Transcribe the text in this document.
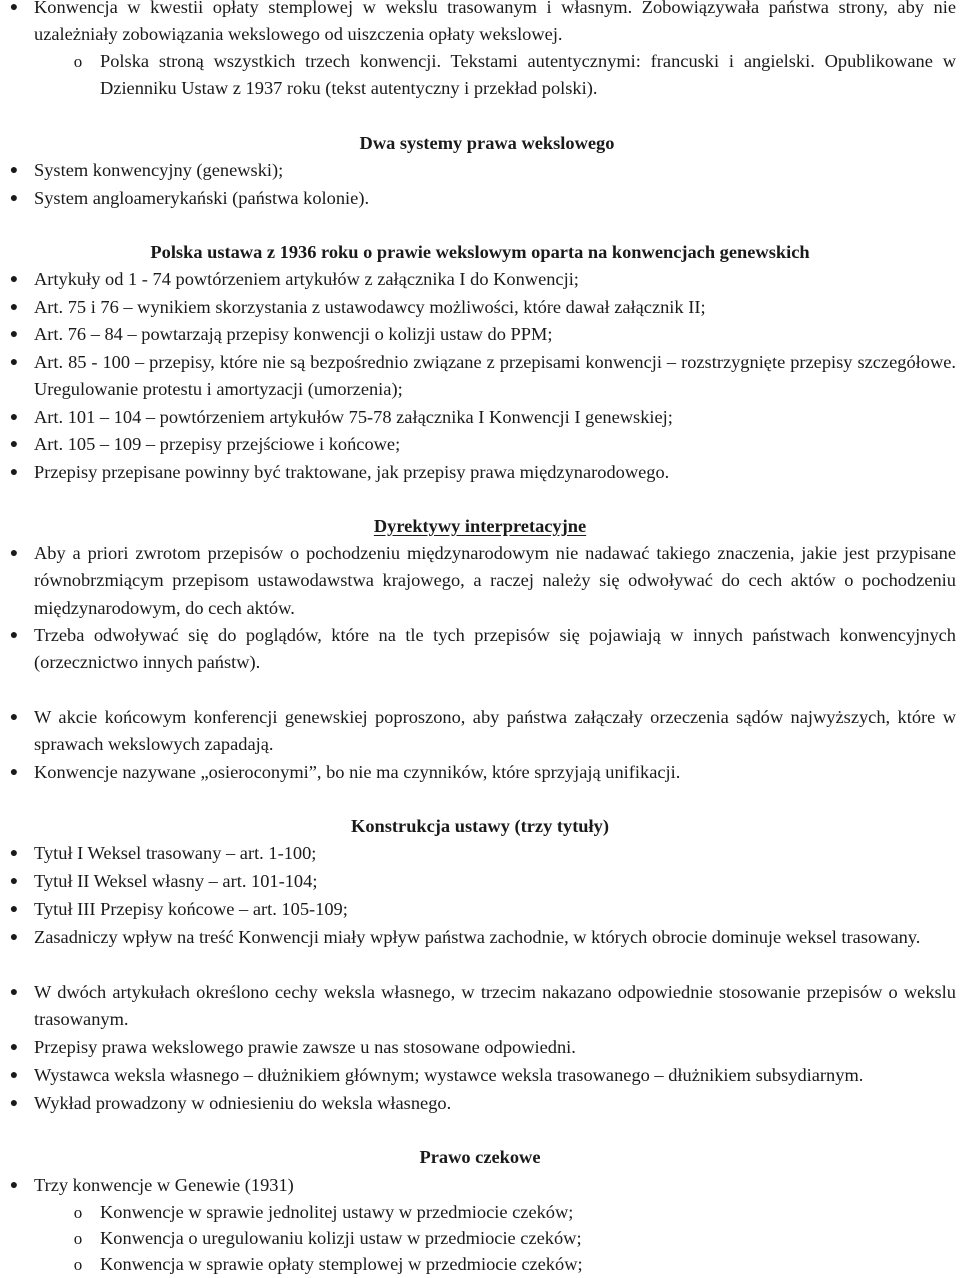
● Konwencja w kwestii opłaty stemplowej w wekslu trasowanym i własnym. Zobowiązywała państwa strony, aby nie uzależniały zobowiązania wekslowego od uiszczenia opłaty wekslowej.
o Polska stroną wszystkich trzech konwencji. Tekstami autentycznymi: francuski i angielski. Opublikowane w Dzienniku Ustaw z 1937 roku (tekst autentyczny i przekład polski).
Dwa systemy prawa wekslowego
● System konwencyjny (genewski);
● System angloamerykański (państwa kolonie).
Polska ustawa z 1936 roku o prawie wekslowym oparta na konwencjach genewskich
● Artykuły od 1 - 74 powtórzeniem artykułów z załącznika I do Konwencji;
● Art. 75 i 76 – wynikiem skorzystania z ustawodawcy możliwości, które dawał załącznik II;
● Art. 76 – 84 – powtarzają przepisy konwencji o kolizji ustaw do PPM;
● Art. 85 - 100 – przepisy, które nie są bezpośrednio związane z przepisami konwencji – rozstrzygnięte przepisy szczegółowe. Uregulowanie protestu i amortyzacji (umorzenia);
● Art. 101 – 104 – powtórzeniem artykułów 75-78 załącznika I Konwencji I genewskiej;
● Art. 105 – 109 – przepisy przejściowe i końcowe;
● Przepisy przepisane powinny być traktowane, jak przepisy prawa międzynarodowego.
Dyrektywy interpretacyjne
● Aby a priori zwrotom przepisów o pochodzeniu międzynarodowym nie nadawać takiego znaczenia, jakie jest przypisane równobrzmiącym przepisom ustawodawstwa krajowego, a raczej należy się odwoływać do cech aktów o pochodzeniu międzynarodowym, do cech aktów.
● Trzeba odwoływać się do poglądów, które na tle tych przepisów się pojawiają w innych państwach konwencyjnych (orzecznictwo innych państw).
● W akcie końcowym konferencji genewskiej poproszono, aby państwa załączały orzeczenia sądów najwyższych, które w sprawach wekslowych zapadają.
● Konwencje nazywane „osieroconymi”, bo nie ma czynników, które sprzyjają unifikacji.
Konstrukcja ustawy (trzy tytuły)
● Tytuł I Weksel trasowany – art. 1-100;
● Tytuł II Weksel własny – art. 101-104;
● Tytuł III Przepisy końcowe – art. 105-109;
● Zasadniczy wpływ na treść Konwencji miały wpływ państwa zachodnie, w których obrocie dominuje weksel trasowany.
● W dwóch artykułach określono cechy weksla własnego, w trzecim nakazano odpowiednie stosowanie przepisów o wekslu trasowanym.
● Przepisy prawa wekslowego prawie zawsze u nas stosowane odpowiedni.
● Wystawca weksla własnego – dłużnikiem głównym; wystawce weksla trasowanego – dłużnikiem subsydiarnym.
● Wykład prowadzony w odniesieniu do weksla własnego.
Prawo czekowe
● Trzy konwencje w Genewie (1931)
o Konwencje w sprawie jednolitej ustawy w przedmiocie czeków;
o Konwencja o uregulowaniu kolizji ustaw w przedmiocie czeków;
o Konwencja w sprawie opłaty stemplowej w przedmiocie czeków;
